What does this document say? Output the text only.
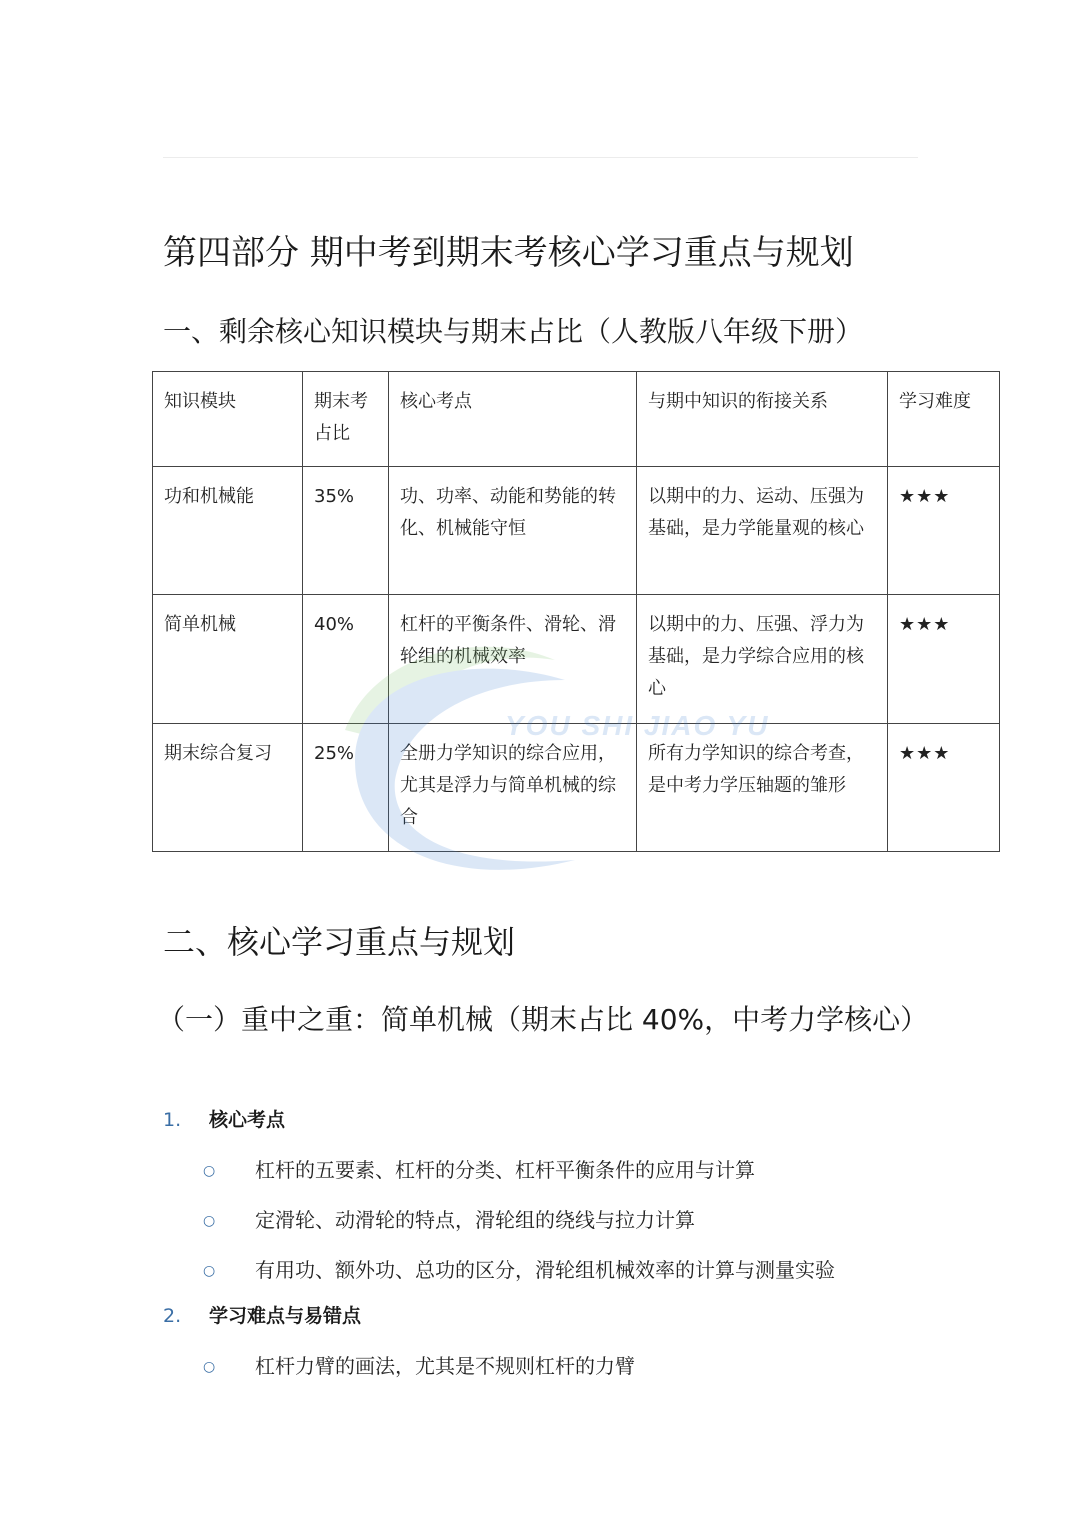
第四部分 期中考到期末考核心学习重点与规划
一、剩余核心知识模块与期末占比（人教版八年级下册）
知识模块	期末考占比	核心考点	与期中知识的衔接关系	学习难度
功和机械能	35%	功、功率、动能和势能的转化、机械能守恒	以期中的力、运动、压强为基础，是力学能量观的核心	★★★
简单机械	40%	杠杆的平衡条件、滑轮、滑轮组的机械效率	以期中的力、压强、浮力为基础，是力学综合应用的核心	★★★
期末综合复习	25%	全册力学知识的综合应用，尤其是浮力与简单机械的综合	所有力学知识的综合考查，是中考力学压轴题的雏形	★★★
YOU SHI JIAO YU
二、核心学习重点与规划
（一）重中之重：简单机械（期末占比 40%，中考力学核心）
1. 核心考点
○ 杠杆的五要素、杠杆的分类、杠杆平衡条件的应用与计算
○ 定滑轮、动滑轮的特点，滑轮组的绕线与拉力计算
○ 有用功、额外功、总功的区分，滑轮组机械效率的计算与测量实验
2. 学习难点与易错点
○ 杠杆力臂的画法，尤其是不规则杠杆的力臂
